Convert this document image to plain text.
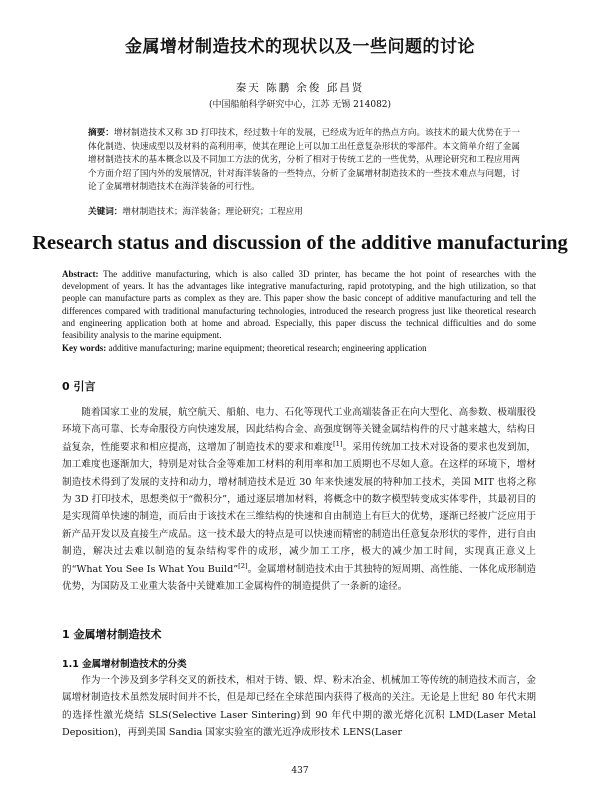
金属增材制造技术的现状以及一些问题的讨论
秦天 陈鹏 余俊 邱昌贤
(中国船舶科学研究中心，江苏 无锡 214082)
摘要：增材制造技术又称 3D 打印技术，经过数十年的发展，已经成为近年的热点方向。该技术的最大优势在于一体化制造、快速成型以及材料的高利用率，使其在理论上可以加工出任意复杂形状的零部件。本文简单介绍了金属增材制造技术的基本概念以及不同加工方法的优劣，分析了相对于传统工艺的一些优势，从理论研究和工程应用两个方面介绍了国内外的发展情况，针对海洋装备的一些特点，分析了金属增材制造技术的一些技术难点与问题，讨论了金属增材制造技术在海洋装备的可行性。
关键词：增材制造技术；海洋装备；理论研究；工程应用
Research status and discussion of the additive manufacturing
Abstract: The additive manufacturing, which is also called 3D printer, has became the hot point of researches with the development of years. It has the advantages like integrative manufacturing, rapid prototyping, and the high utilization, so that people can manufacture parts as complex as they are. This paper show the basic concept of additive manufacturing and tell the differences compared with traditional manufacturing technologies, introduced the research progress just like theoretical research and engineering application both at home and abroad. Especially, this paper discuss the technical difficulties and do some feasibility analysis to the marine equipment.
Key words: additive manufacturing; marine equipment; theoretical research; engineering application
0 引言
随着国家工业的发展，航空航天、船舶、电力、石化等现代工业高端装备正在向大型化、高参数、极端服役环境下高可靠、长寿命服役方向快速发展，因此结构合金、高强度钢等关键金属结构件的尺寸越来越大，结构日益复杂，性能要求和相应提高，这增加了制造技术的要求和难度[1]。采用传统加工技术对设备的要求也发到加，加工难度也逐渐加大，特别是对钛合金等难加工材料的利用率和加工质期也不尽如人意。在这样的环境下，增材制造技术得到了发展的支持和动力，增材制造技术是近 30 年来快速发展的特种加工技术，美国 MIT 也将之称为 3D 打印技术，思想类似于“微积分”，通过逐层增加材料，将概念中的数字模型转变成实体零件，其最初目的是实现简单快速的制造，而后由于该技术在三维结构的快速和自由制造上有巨大的优势，逐渐已经被广泛应用于新产品开发以及直接生产成品。这一技术最大的特点是可以快速而精密的制造出任意复杂形状的零件，进行自由制造，解决过去难以制造的复杂结构零件的成形，减少加工工序，极大的减少加工时间，实现真正意义上的“What You See Is What You Build”[2]。金属增材制造技术由于其独特的短周期、高性能、一体化成形制造优势，为国防及工业重大装备中关键难加工金属构件的制造提供了一条新的途径。
1 金属增材制造技术
1.1 金属增材制造技术的分类
作为一个涉及到多学科交叉的新技术，相对于铸、锻、焊、粉末冶金、机械加工等传统的制造技术而言，金属增材制造技术虽然发展时间并不长，但是却已经在全球范围内获得了极高的关注。无论是上世纪 80 年代末期的选择性激光烧结 SLS(Selective Laser Sintering)到 90 年代中期的激光熔化沉积 LMD(Laser Metal Deposition)，再到美国 Sandia 国家实验室的激光近净成形技术 LENS(Laser
437
